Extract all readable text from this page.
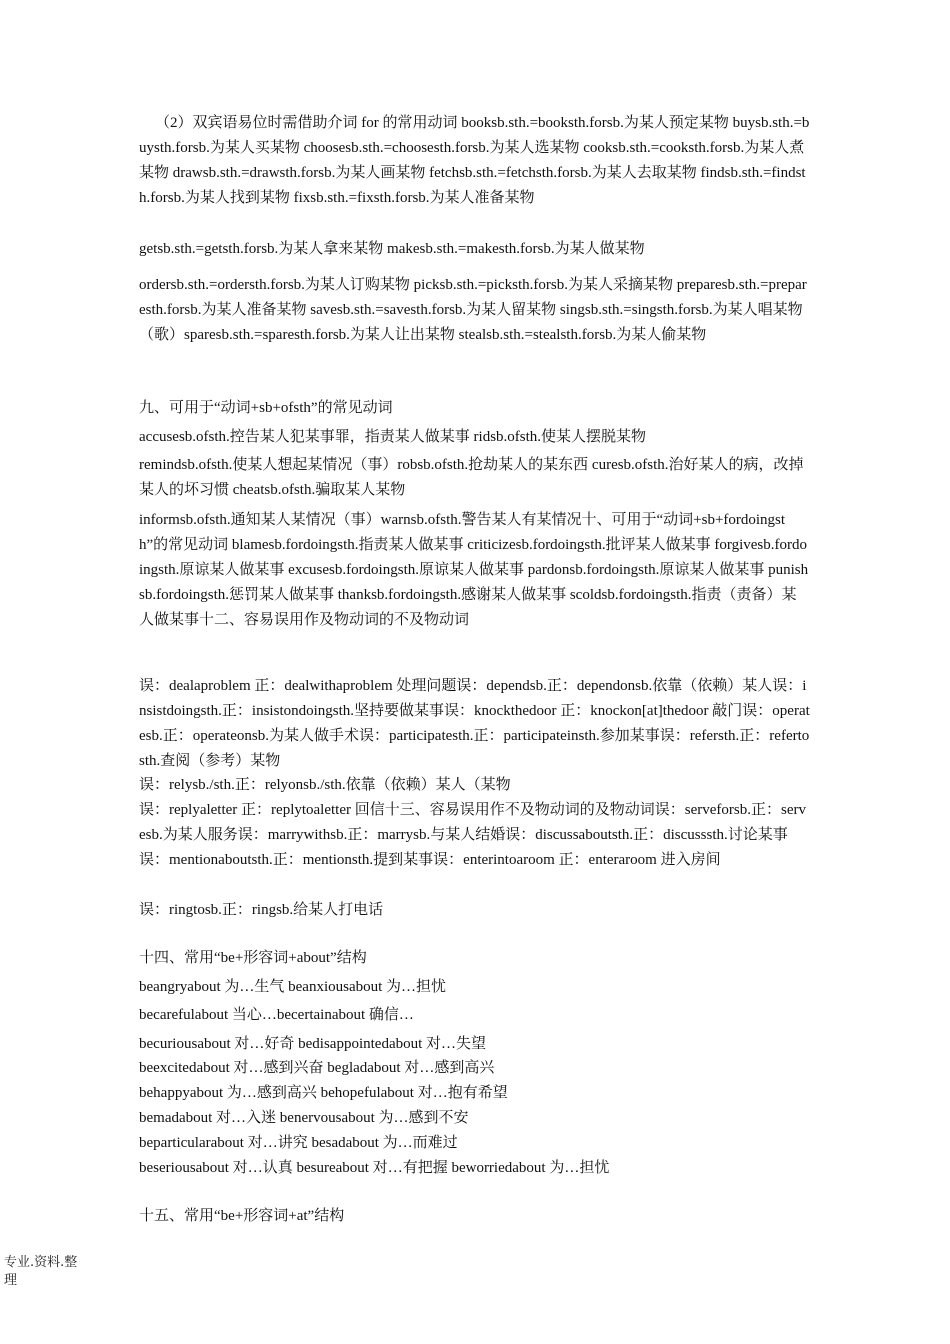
（2）双宾语易位时需借助介词 for 的常用动词 booksb.sth.=booksth.forsb.为某人预定某物 buysb.sth.=buysth.forsb.为某人买某物 choosesb.sth.=choosesth.forsb.为某人选某物 cooksb.sth.=cooksth.forsb.为某人煮某物 drawsb.sth.=drawsth.forsb.为某人画某物 fetchsb.sth.=fetchsth.forsb.为某人去取某物 findsb.sth.=findsth.forsb.为某人找到某物 fixsb.sth.=fixsth.forsb.为某人准备某物

getsb.sth.=getsth.forsb.为某人拿来某物 makesb.sth.=makesth.forsb.为某人做某物

ordersb.sth.=ordersth.forsb.为某人订购某物 picksb.sth.=picksth.forsb.为某人采摘某物 preparesb.sth.=preparesth.forsb.为某人准备某物 savesb.sth.=savesth.forsb.为某人留某物 singsb.sth.=singsth.forsb.为某人唱某物（歌）sparesb.sth.=sparesth.forsb.为某人让出某物 stealsb.sth.=stealsth.forsb.为某人偷某物

九、可用于“动词+sb+ofsth”的常见动词

accusesb.ofsth.控告某人犯某事罪，指责某人做某事 ridsb.ofsth.使某人摆脱某物

remindsb.ofsth.使某人想起某情况（事）robsb.ofsth.抢劫某人的某东西 curesb.ofsth.治好某人的病，改掉某人的坏习惯 cheatsb.ofsth.骗取某人某物

informsb.ofsth.通知某人某情况（事）warnsb.ofsth.警告某人有某情况十、可用于“动词+sb+fordoingsth”的常见动词 blamesb.fordoingsth.指责某人做某事 criticizesb.fordoingsth.批评某人做某事 forgivesb.fordoingsth.原谅某人做某事 excusesb.fordoingsth.原谅某人做某事 pardonsb.fordoingsth.原谅某人做某事 punishsb.fordoingsth.惩罚某人做某事 thanksb.fordoingsth.感谢某人做某事 scoldsb.fordoingsth.指责（责备）某人做某事十二、容易误用作及物动词的不及物动词

误：dealaproblem 正：dealwithaproblem 处理问题误：dependsb.正：dependonsb.依靠（依赖）某人误：insistdoingsth.正：insistondoingsth.坚持要做某事误：knockthedoor 正：knockon[at]thedoor 敲门误：operatesb.正：operateonsb.为某人做手术误：participatesth.正：participateinsth.参加某事误：refersth.正：refertosth.查阅（参考）某物

误：relysb./sth.正：relyonsb./sth.依靠（依赖）某人（某物

误：replyaletter 正：replytoaletter 回信十三、容易误用作不及物动词的及物动词误：serveforsb.正：servesb.为某人服务误：marrywithsb.正：marrysb.与某人结婚误：discussaboutsth.正：discusssth.讨论某事误：mentionaboutsth.正：mentionsth.提到某事误：enterintoaroom 正：enteraroom 进入房间

误：ringtosb.正：ringsb.给某人打电话

十四、常用“be+形容词+about”结构

beangryabout 为…生气 beanxiousabout 为…担忧

becarefulabout 当心…becertainabout 确信…

becuriousabout 对…好奇 bedisappointedabout 对…失望

beexcitedabout 对…感到兴奋 begladabout 对…感到高兴

behappyabout 为…感到高兴 behopefulabout 对…抱有希望

bemadabout 对…入迷 benervousabout 为…感到不安

beparticularabout 对…讲究 besadabout 为…而难过

beseriousabout 对…认真 besureabout 对…有把握 beworriedabout 为…担忧

十五、常用“be+形容词+at”结构

专业.资料.整理
